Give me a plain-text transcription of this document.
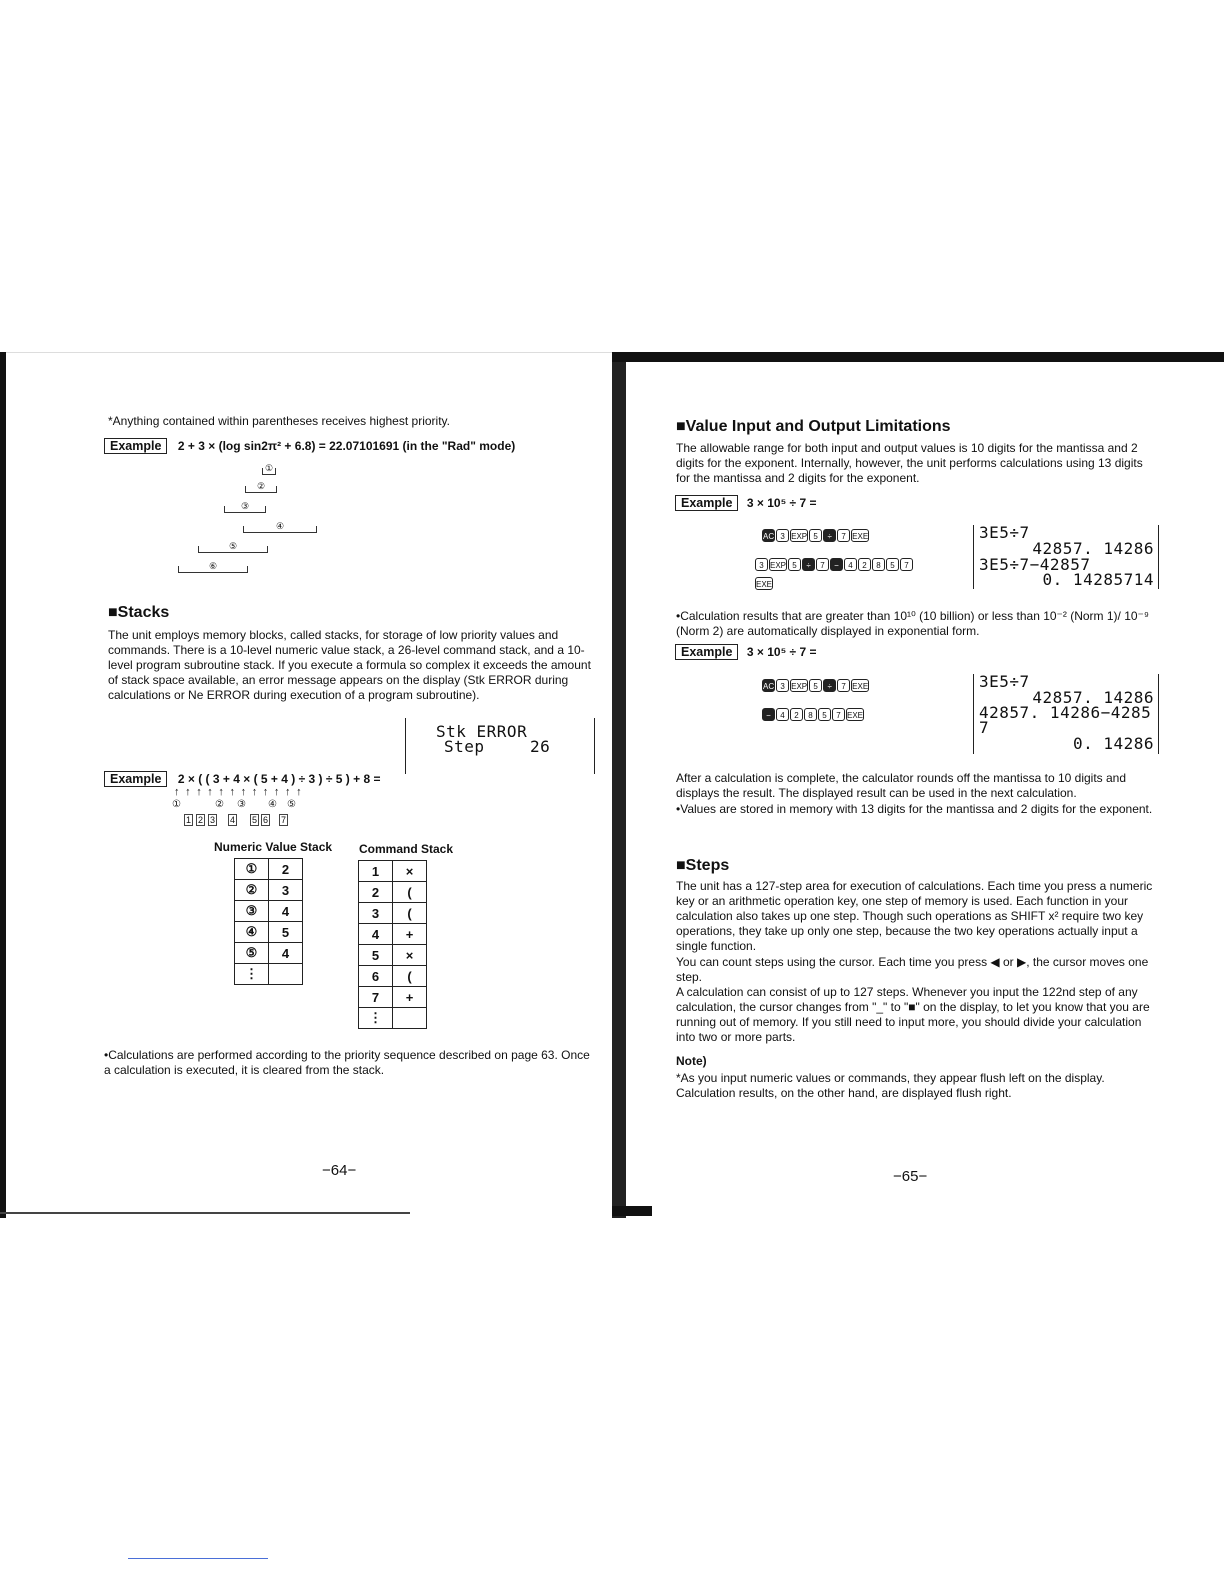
*Anything contained within parentheses receives highest priority.
Example 2 + 3 × (log sin2π² + 6.8) = 22.07101691 (in the "Rad" mode)
①
②
③
④
⑤
⑥
■Stacks
The unit employs memory blocks, called stacks, for storage of low priority values and commands. There is a 10-level numeric value stack, a 26-level command stack, and a 10-level program subroutine stack. If you execute a formula so complex it exceeds the amount of stack space available, an error message appears on the display (Stk ERROR during calculations or Ne ERROR during execution of a program subroutine).
Stk ERROR
Step	26
Example 2 × ( ( 3 + 4 × ( 5 + 4 ) ÷ 3 ) ÷ 5 ) + 8 =
↑↑↑↑↑↑↑↑↑↑↑↑
①	② ③ ④ ⑤
1 2 3 4 5 6 7
Numeric Value Stack Command Stack
①	2
②	3
③	4
④	5
⑤	4
⋮	
1	×
2	(
3	(
4	+
5	×
6	(
7	+
⋮	
•Calculations are performed according to the priority sequence described on page 63. Once a calculation is executed, it is cleared from the stack.
−64−
■Value Input and Output Limitations
The allowable range for both input and output values is 10 digits for the mantissa and 2 digits for the exponent. Internally, however, the unit performs calculations using 13 digits for the mantissa and 2 digits for the exponent.
Example 3 × 10⁵ ÷ 7 =
AC 3 EXP 5 ÷ 7 EXE
3 EXP 5 ÷ 7 − 4 2 8 5 7
EXE
3E5÷7
42857. 14286
3E5÷7−42857
0. 14285714
•Calculation results that are greater than 10¹⁰ (10 billion) or less than 10⁻² (Norm 1)/ 10⁻⁹ (Norm 2) are automatically displayed in exponential form.
Example 3 × 10⁵ ÷ 7 =
AC 3 EXP 5 ÷ 7 EXE
− 4 2 8 5 7 EXE
3E5÷7
42857. 14286
42857. 14286−4285
7
0. 14286
After a calculation is complete, the calculator rounds off the mantissa to 10 digits and displays the result. The displayed result can be used in the next calculation.
•Values are stored in memory with 13 digits for the mantissa and 2 digits for the exponent.
■Steps
The unit has a 127-step area for execution of calculations. Each time you press a numeric key or an arithmetic operation key, one step of memory is used. Each function in your calculation also takes up one step. Though such operations as SHIFT x² require two key operations, they take up only one step, because the two key operations actually input a single function.
You can count steps using the cursor. Each time you press ◀ or ▶, the cursor moves one step.
A calculation can consist of up to 127 steps. Whenever you input the 122nd step of any calculation, the cursor changes from "_" to "■" on the display, to let you know that you are running out of memory. If you still need to input more, you should divide your calculation into two or more parts.
Note)
*As you input numeric values or commands, they appear flush left on the display. Calculation results, on the other hand, are displayed flush right.
−65−
